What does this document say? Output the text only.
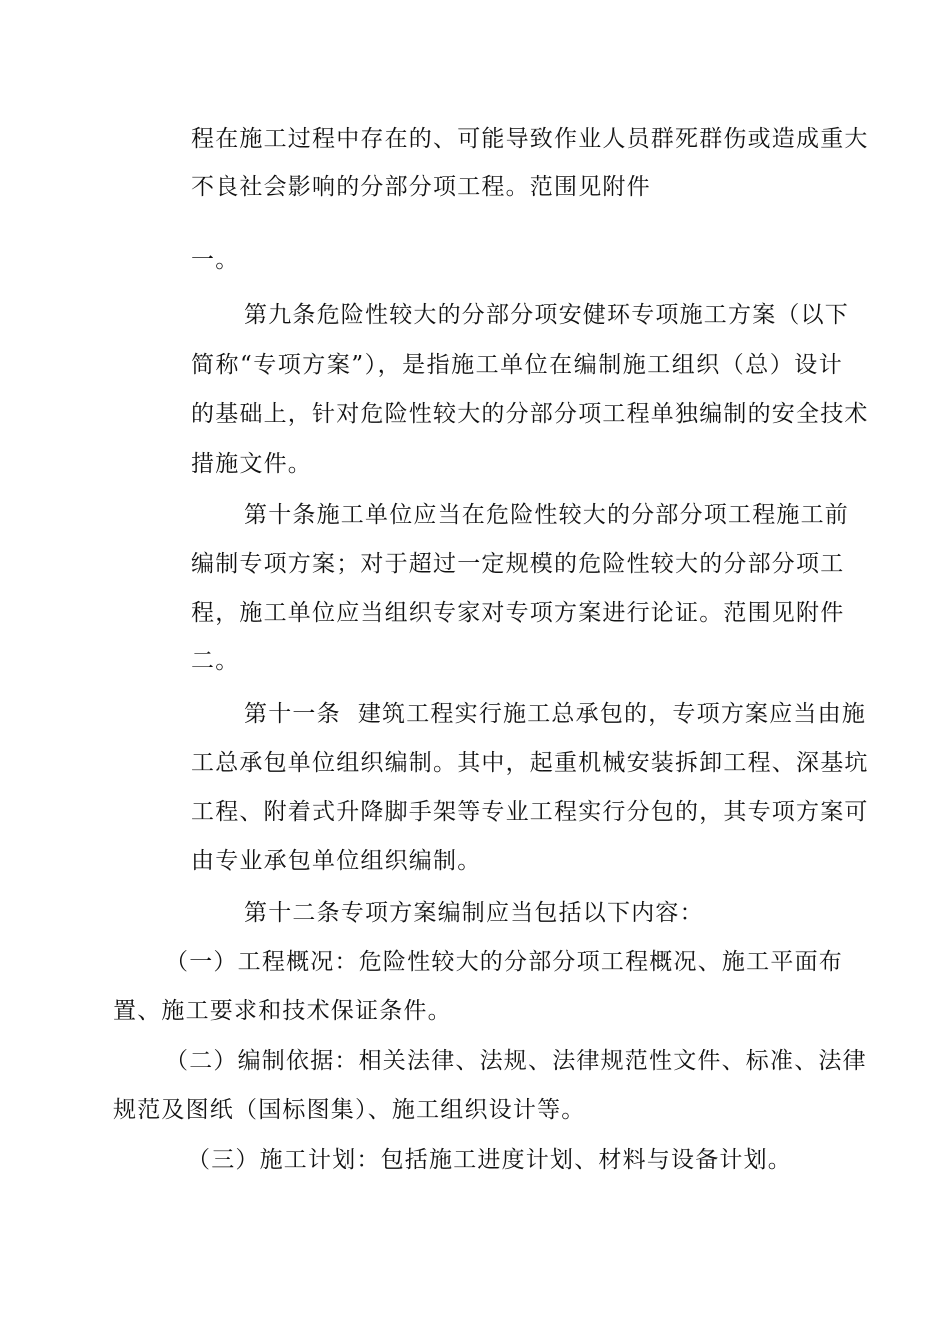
程在施工过程中存在的、可能导致作业人员群死群伤或造成重大
不良社会影响的分部分项工程。范围见附件
一。
第九条危险性较大的分部分项安健环专项施工方案（以下
简称“专项方案”），是指施工单位在编制施工组织（总）设计
的基础上，针对危险性较大的分部分项工程单独编制的安全技术
措施文件。
第十条施工单位应当在危险性较大的分部分项工程施工前
编制专项方案；对于超过一定规模的危险性较大的分部分项工
程，施工单位应当组织专家对专项方案进行论证。范围见附件
二。
第十一条  建筑工程实行施工总承包的，专项方案应当由施
工总承包单位组织编制。其中，起重机械安装拆卸工程、深基坑
工程、附着式升降脚手架等专业工程实行分包的，其专项方案可
由专业承包单位组织编制。
第十二条专项方案编制应当包括以下内容：
（一）工程概况：危险性较大的分部分项工程概况、施工平面布
置、施工要求和技术保证条件。
（二）编制依据：相关法律、法规、法律规范性文件、标准、法律
规范及图纸（国标图集）、施工组织设计等。
（三）施工计划：包括施工进度计划、材料与设备计划。
